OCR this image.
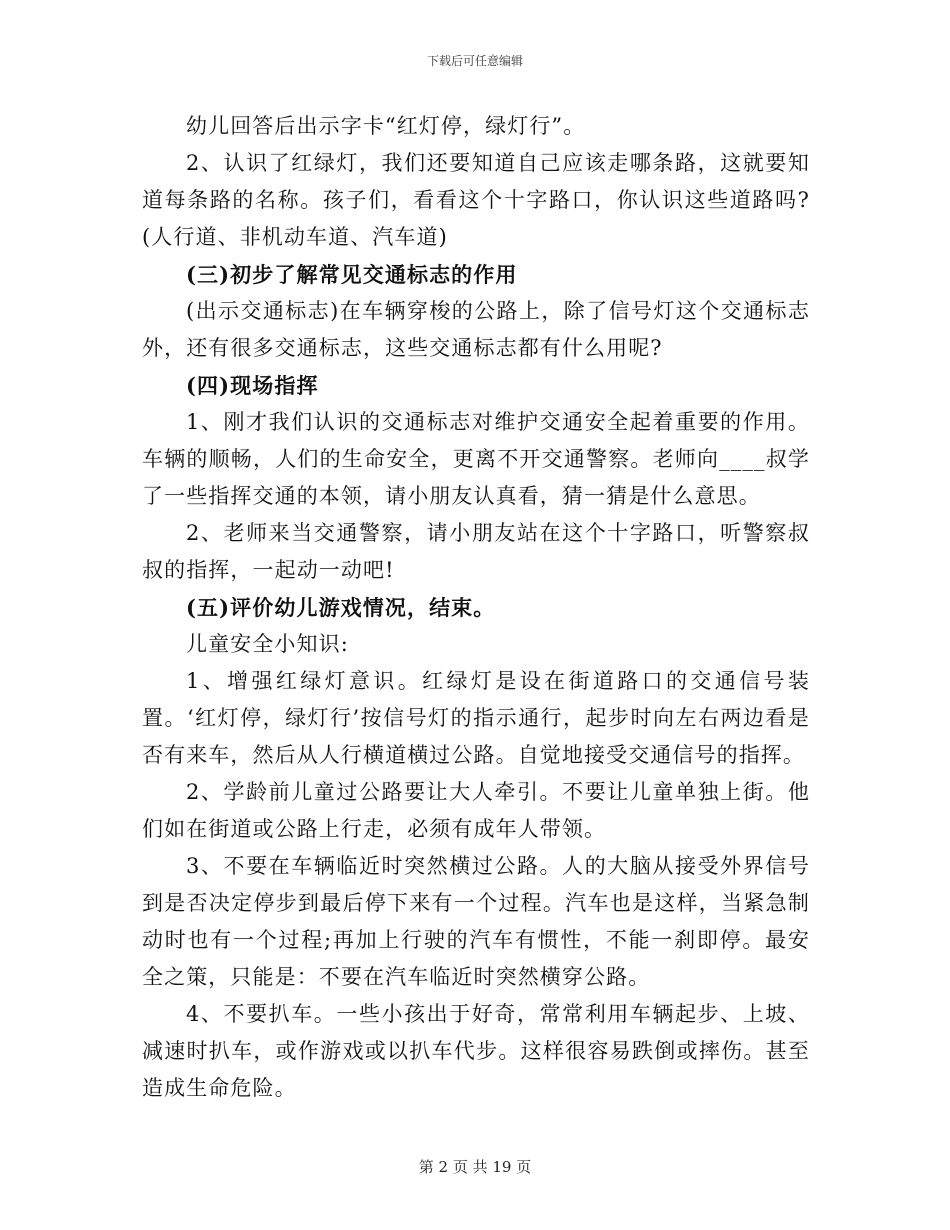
下载后可任意编辑

幼儿回答后出示字卡“红灯停，绿灯行”。

2、认识了红绿灯，我们还要知道自己应该走哪条路，这就要知道每条路的名称。孩子们，看看这个十字路口，你认识这些道路吗?(人行道、非机动车道、汽车道)

(三)初步了解常见交通标志的作用

(出示交通标志)在车辆穿梭的公路上，除了信号灯这个交通标志外，还有很多交通标志，这些交通标志都有什么用呢?

(四)现场指挥

1、刚才我们认识的交通标志对维护交通安全起着重要的作用。车辆的顺畅，人们的生命安全，更离不开交通警察。老师向____叔学了一些指挥交通的本领，请小朋友认真看，猜一猜是什么意思。

2、老师来当交通警察，请小朋友站在这个十字路口，听警察叔叔的指挥，一起动一动吧!

(五)评价幼儿游戏情况，结束。

儿童安全小知识:

1、增强红绿灯意识。红绿灯是设在街道路口的交通信号装置。‘红灯停，绿灯行’按信号灯的指示通行，起步时向左右两边看是否有来车，然后从人行横道横过公路。自觉地接受交通信号的指挥。

2、学龄前儿童过公路要让大人牵引。不要让儿童单独上街。他们如在街道或公路上行走，必须有成年人带领。

3、不要在车辆临近时突然横过公路。人的大脑从接受外界信号到是否决定停步到最后停下来有一个过程。汽车也是这样，当紧急制动时也有一个过程;再加上行驶的汽车有惯性，不能一刹即停。最安全之策，只能是：不要在汽车临近时突然横穿公路。

4、不要扒车。一些小孩出于好奇，常常利用车辆起步、上坡、减速时扒车，或作游戏或以扒车代步。这样很容易跌倒或摔伤。甚至造成生命危险。

第 2 页 共 19 页
